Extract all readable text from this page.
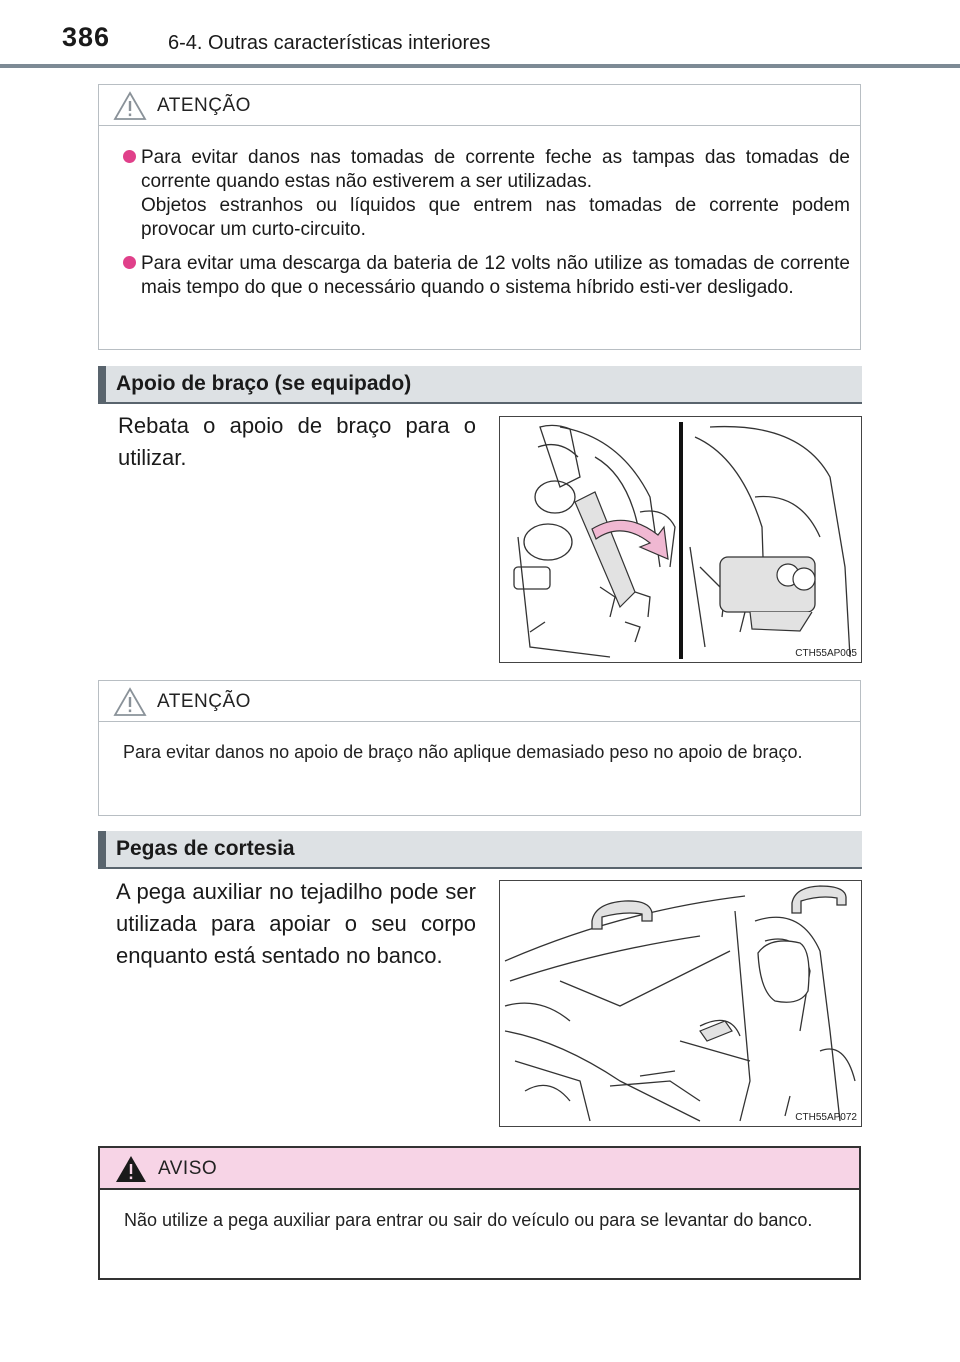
386	6-4. Outras características interiores
ATENÇÃO
Para evitar danos nas tomadas de corrente feche as tampas das tomadas de corrente quando estas não estiverem a ser utilizadas.
Objetos estranhos ou líquidos que entrem nas tomadas de corrente podem provocar um curto-circuito.
Para evitar uma descarga da bateria de 12 volts não utilize as tomadas de corrente mais tempo do que o necessário quando o sistema híbrido esti-ver desligado.
Apoio de braço (se equipado)
Rebata o apoio de braço para o utilizar.
CTH55AP005
ATENÇÃO
Para evitar danos no apoio de braço não aplique demasiado peso no apoio de braço.
Pegas de cortesia
A pega auxiliar no tejadilho pode ser utilizada para apoiar o seu corpo enquanto está sentado no banco.
CTH55AP072
AVISO
Não utilize a pega auxiliar para entrar ou sair do veículo ou para se levantar do banco.
